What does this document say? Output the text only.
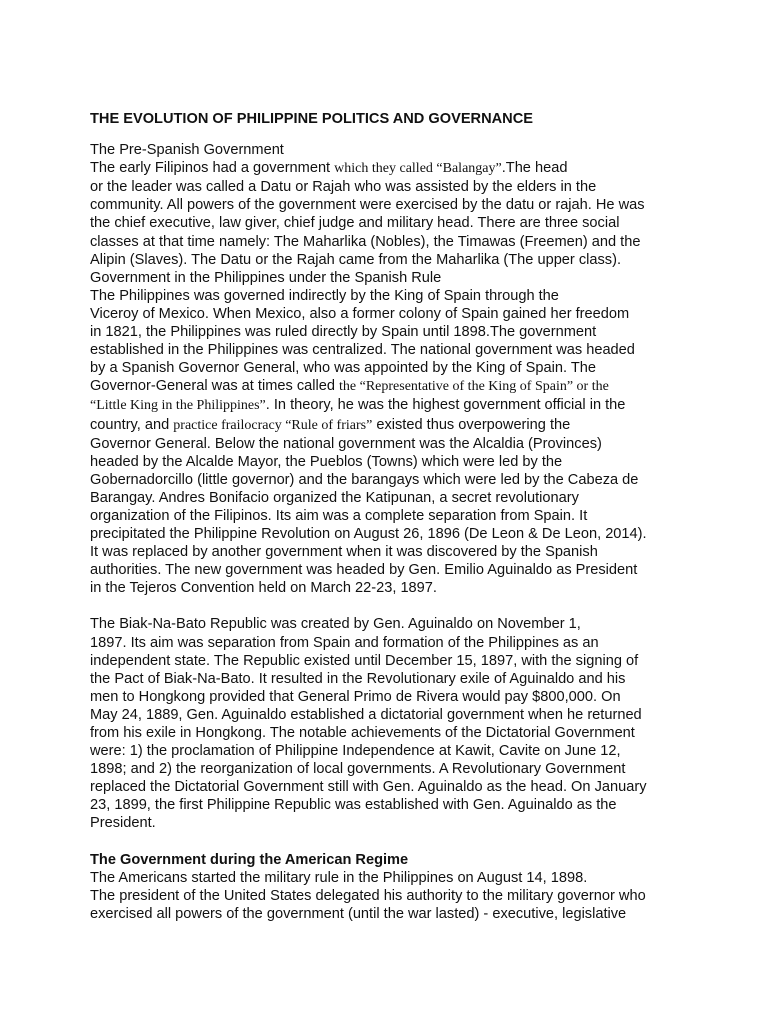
THE EVOLUTION OF PHILIPPINE POLITICS AND GOVERNANCE
The Pre-Spanish Government
The early Filipinos had a government which they called “Balangay”.The head
or the leader was called a Datu or Rajah who was assisted by the elders in the
community. All powers of the government were exercised by the datu or rajah. He was
the chief executive, law giver, chief judge and military head. There are three social
classes at that time namely: The Maharlika (Nobles), the Timawas (Freemen) and the
Alipin (Slaves). The Datu or the Rajah came from the Maharlika (The upper class).
Government in the Philippines under the Spanish Rule
The Philippines was governed indirectly by the King of Spain through the
Viceroy of Mexico. When Mexico, also a former colony of Spain gained her freedom
in 1821, the Philippines was ruled directly by Spain until 1898.The government
established in the Philippines was centralized. The national government was headed
by a Spanish Governor General, who was appointed by the King of Spain. The
Governor-General was at times called the “Representative of the King of Spain” or the
“Little King in the Philippines”. In theory, he was the highest government official in the
country, and practice frailocracy “Rule of friars” existed thus overpowering the
Governor General. Below the national government was the Alcaldia (Provinces)
headed by the Alcalde Mayor, the Pueblos (Towns) which were led by the
Gobernadorcillo (little governor) and the barangays which were led by the Cabeza de
Barangay. Andres Bonifacio organized the Katipunan, a secret revolutionary
organization of the Filipinos. Its aim was a complete separation from Spain. It
precipitated the Philippine Revolution on August 26, 1896 (De Leon & De Leon, 2014).
It was replaced by another government when it was discovered by the Spanish
authorities. The new government was headed by Gen. Emilio Aguinaldo as President
in the Tejeros Convention held on March 22-23, 1897.
The Biak-Na-Bato Republic was created by Gen. Aguinaldo on November 1,
1897. Its aim was separation from Spain and formation of the Philippines as an
independent state. The Republic existed until December 15, 1897, with the signing of
the Pact of Biak-Na-Bato. It resulted in the Revolutionary exile of Aguinaldo and his
men to Hongkong provided that General Primo de Rivera would pay $800,000. On
May 24, 1889, Gen. Aguinaldo established a dictatorial government when he returned
from his exile in Hongkong. The notable achievements of the Dictatorial Government
were: 1) the proclamation of Philippine Independence at Kawit, Cavite on June 12,
1898; and 2) the reorganization of local governments. A Revolutionary Government
replaced the Dictatorial Government still with Gen. Aguinaldo as the head. On January
23, 1899, the first Philippine Republic was established with Gen. Aguinaldo as the
President.
The Government during the American Regime
The Americans started the military rule in the Philippines on August 14, 1898.
The president of the United States delegated his authority to the military governor who
exercised all powers of the government (until the war lasted) - executive, legislative
